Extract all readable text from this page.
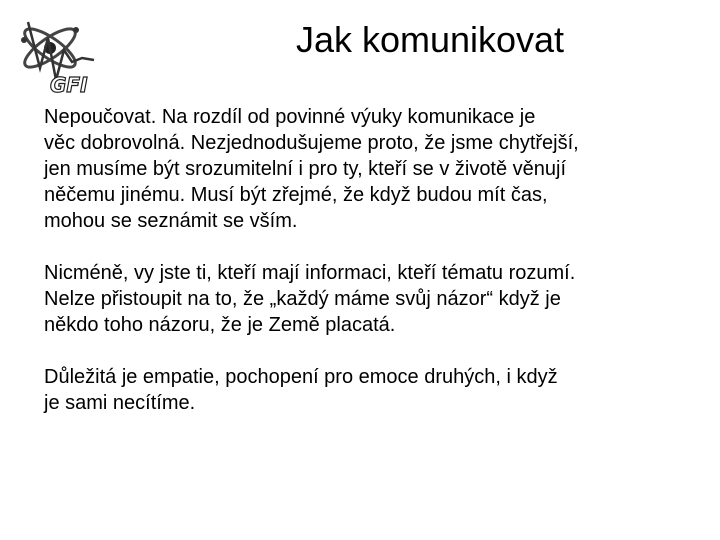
GFI
Jak komunikovat

Nepoučovat. Na rozdíl od povinné výuky komunikace je
věc dobrovolná. Nezjednodušujeme proto, že jsme chytřejší,
jen musíme být srozumitelní i pro ty, kteří se v životě věnují
něčemu jinému. Musí být zřejmé, že když budou mít čas,
mohou se seznámit se vším.

Nicméně, vy jste ti, kteří mají informaci, kteří tématu rozumí.
Nelze přistoupit na to, že „každý máme svůj názor“ když je
někdo toho názoru, že je Země placatá.

Důležitá je empatie, pochopení pro emoce druhých, i když
je sami necítíme.
